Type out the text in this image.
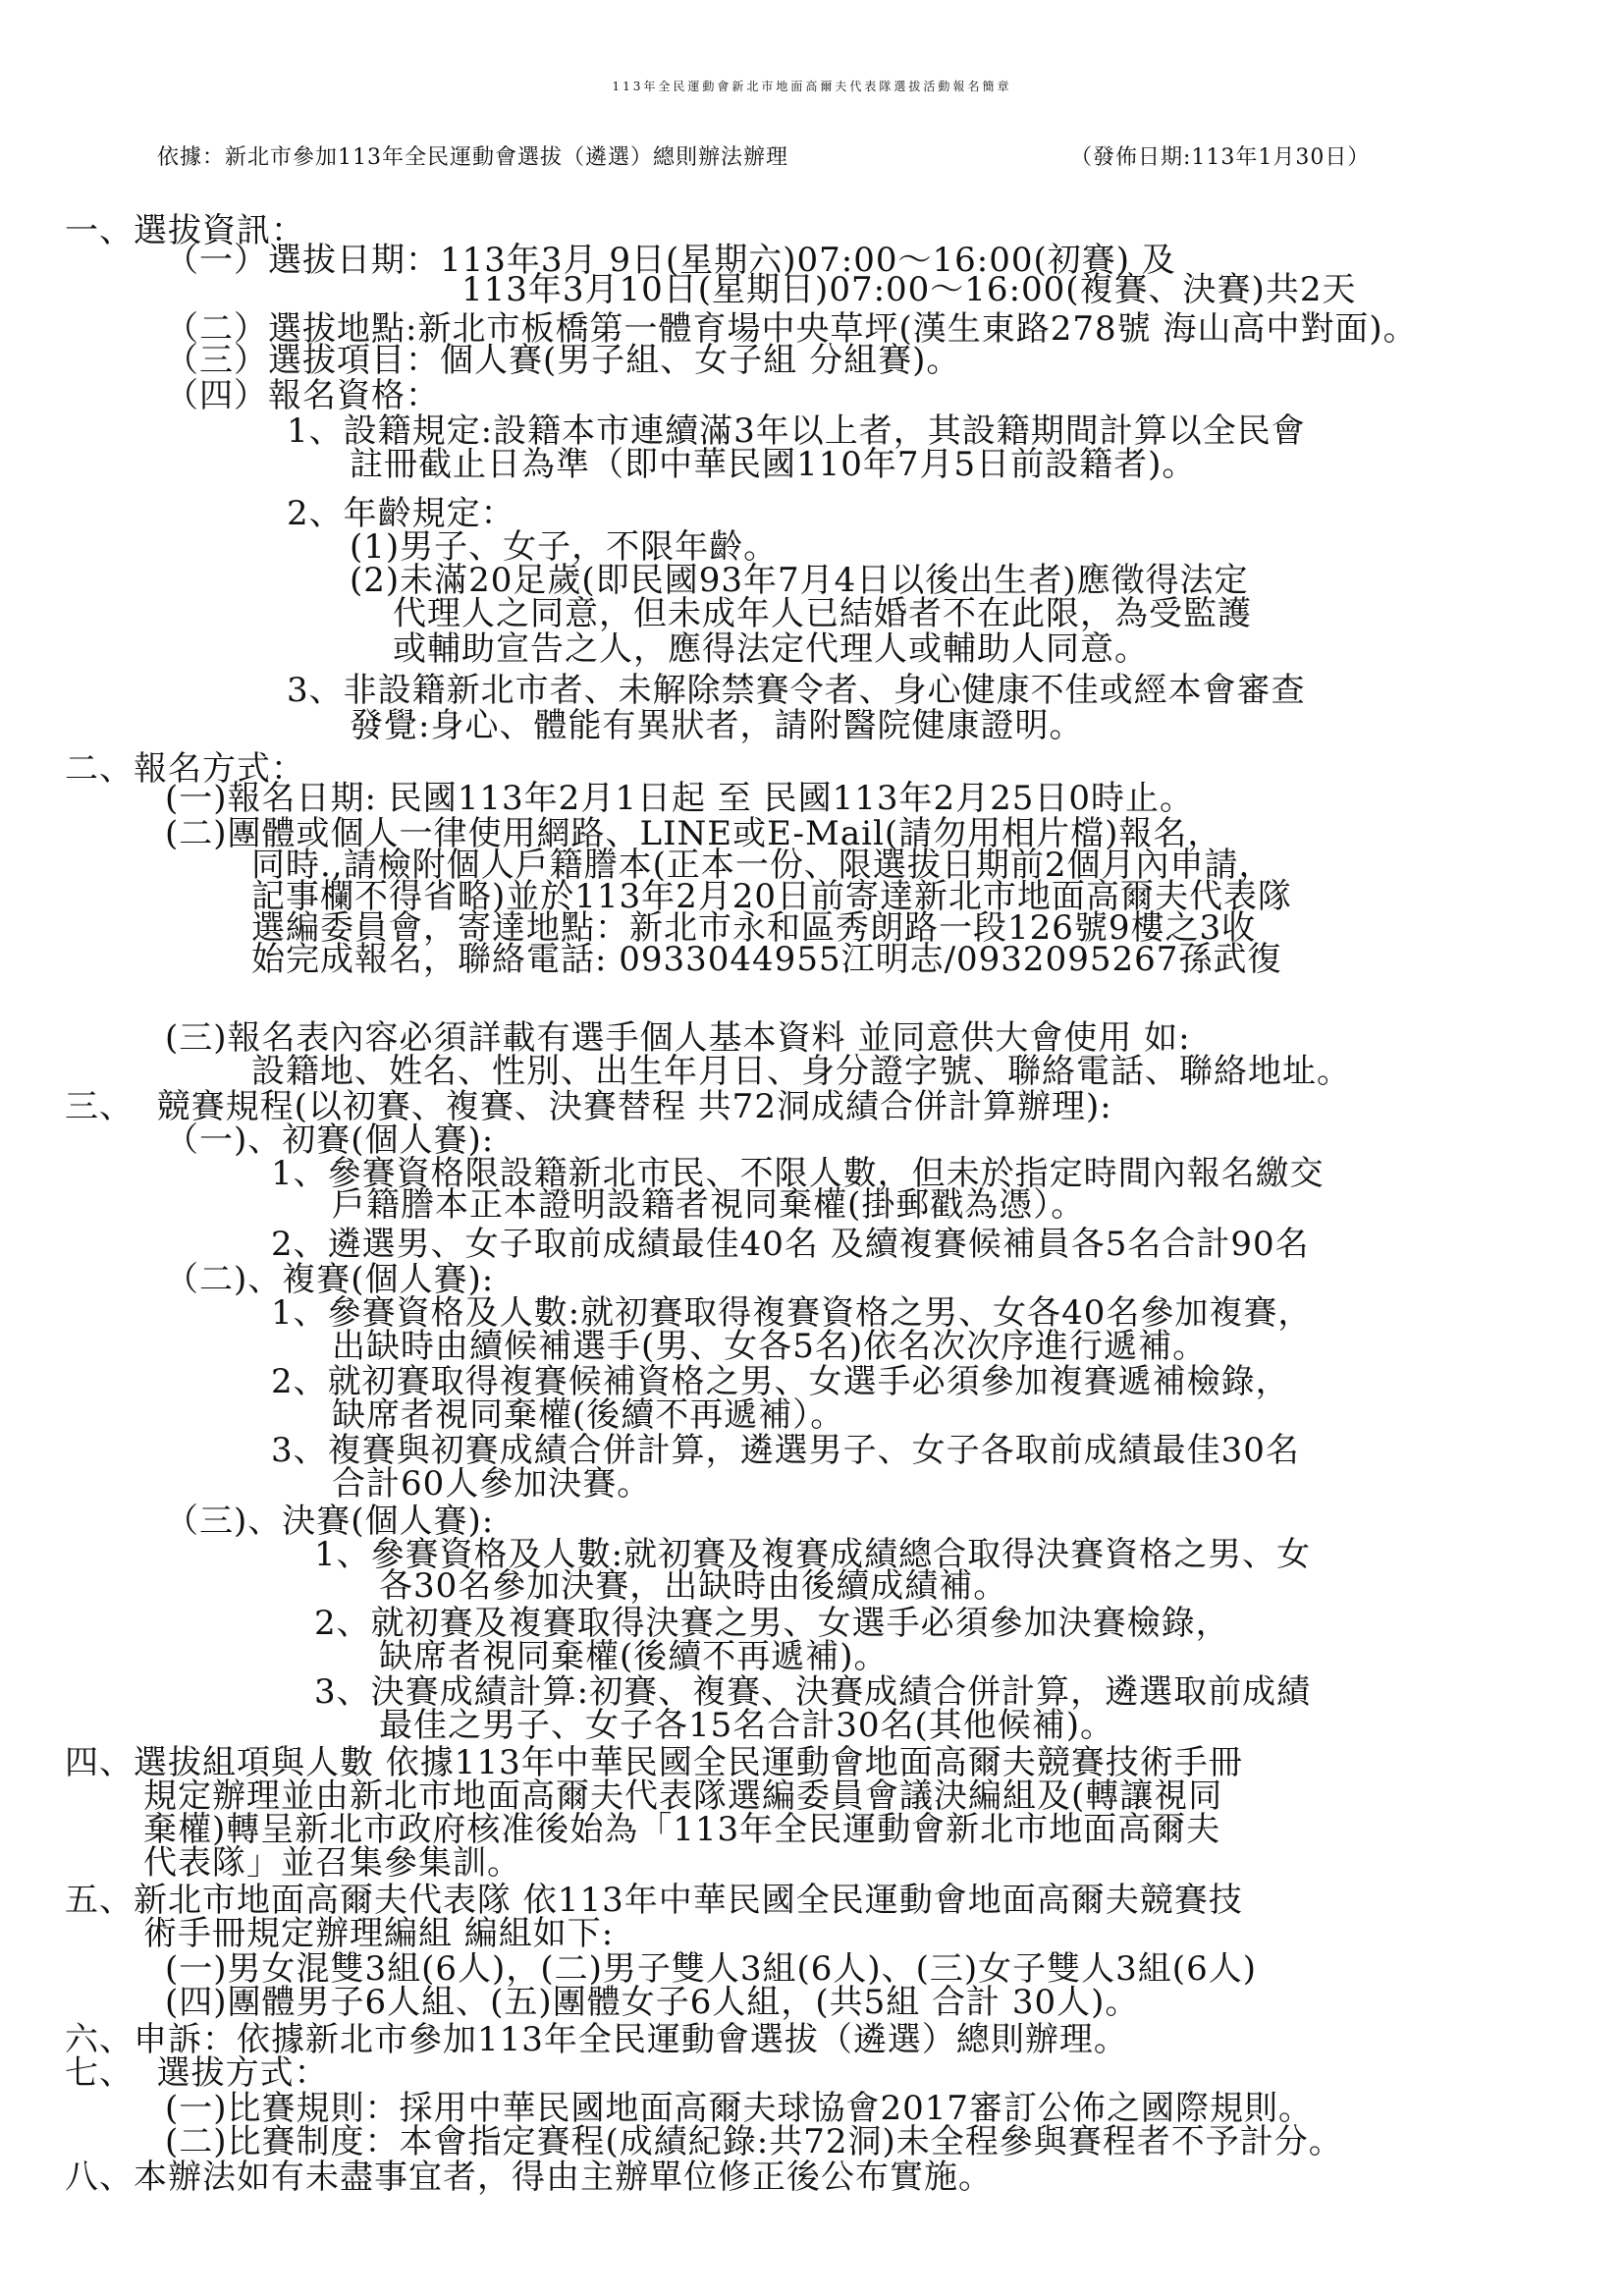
113年全民運動會新北市地面高爾夫代表隊選拔活動報名簡章
依據：新北市參加113年全民運動會選拔（遴選）總則辦法辦理	（發佈日期:113年1月30日）
一、選拔資訊：
（一）選拔日期：113年3月 9日(星期六)07:00～16:00(初賽) 及
113年3月10日(星期日)07:00～16:00(複賽、決賽)共2天
（二）選拔地點:新北市板橋第一體育場中央草坪(漢生東路278號 海山高中對面)。
（三）選拔項目：個人賽(男子組、女子組 分組賽)。
（四）報名資格：
1、設籍規定:設籍本市連續滿3年以上者，其設籍期間計算以全民會
註冊截止日為準（即中華民國110年7月5日前設籍者)。
2、年齡規定：
(1)男子、女子，不限年齡。
(2)未滿20足歲(即民國93年7月4日以後出生者)應徵得法定
代理人之同意，但未成年人已結婚者不在此限，為受監護
或輔助宣告之人，應得法定代理人或輔助人同意。
3、非設籍新北市者、未解除禁賽令者、身心健康不佳或經本會審查
發覺:身心、體能有異狀者，請附醫院健康證明。
二、報名方式：
(一)報名日期: 民國113年2月1日起 至 民國113年2月25日0時止。
(二)團體或個人一律使用網路、LINE或E-Mail(請勿用相片檔)報名，
同時.,請檢附個人戶籍謄本(正本一份、限選拔日期前2個月內申請，
記事欄不得省略)並於113年2月20日前寄達新北市地面高爾夫代表隊
選編委員會，寄達地點：新北市永和區秀朗路一段126號9樓之3收
始完成報名，聯絡電話: 0933044955江明志/0932095267孫武復
(三)報名表內容必須詳載有選手個人基本資料 並同意供大會使用 如:
設籍地、姓名、性別、出生年月日、身分證字號、聯絡電話、聯絡地址。
三、  競賽規程(以初賽、複賽、決賽替程 共72洞成績合併計算辦理):
（一)、初賽(個人賽):
1、參賽資格限設籍新北市民、不限人數，但未於指定時間內報名繳交
戶籍謄本正本證明設籍者視同棄權(掛郵戳為憑）。
2、遴選男、女子取前成績最佳40名 及續複賽候補員各5名合計90名
（二)、複賽(個人賽):
1、參賽資格及人數:就初賽取得複賽資格之男、女各40名參加複賽，
出缺時由續候補選手(男、女各5名)依名次次序進行遞補。
2、就初賽取得複賽候補資格之男、女選手必須參加複賽遞補檢錄，
缺席者視同棄權(後續不再遞補）。
3、複賽與初賽成績合併計算，遴選男子、女子各取前成績最佳30名
合計60人參加決賽。
（三)、決賽(個人賽):
1、參賽資格及人數:就初賽及複賽成績總合取得決賽資格之男、女
各30名參加決賽，出缺時由後續成績補。
2、就初賽及複賽取得決賽之男、女選手必須參加決賽檢錄，
缺席者視同棄權(後續不再遞補)。
3、決賽成績計算:初賽、複賽、決賽成績合併計算，遴選取前成績
最佳之男子、女子各15名合計30名(其他候補)。
四、選拔組項與人數 依據113年中華民國全民運動會地面高爾夫競賽技術手冊
規定辦理並由新北市地面高爾夫代表隊選編委員會議決編組及(轉讓視同
棄權)轉呈新北市政府核准後始為「113年全民運動會新北市地面高爾夫
代表隊」並召集參集訓。
五、新北市地面高爾夫代表隊 依113年中華民國全民運動會地面高爾夫競賽技
術手冊規定辦理編組 編組如下:
(一)男女混雙3組(6人)，(二)男子雙人3組(6人)、(三)女子雙人3組(6人)
(四)團體男子6人組、(五)團體女子6人組，(共5組 合計 30人)。
六、申訴：依據新北市參加113年全民運動會選拔（遴選）總則辦理。
七、  選拔方式：
(一)比賽規則：採用中華民國地面高爾夫球協會2017審訂公佈之國際規則。
(二)比賽制度：本會指定賽程(成績紀錄:共72洞)未全程參與賽程者不予計分。
八、本辦法如有未盡事宜者，得由主辦單位修正後公布實施。
